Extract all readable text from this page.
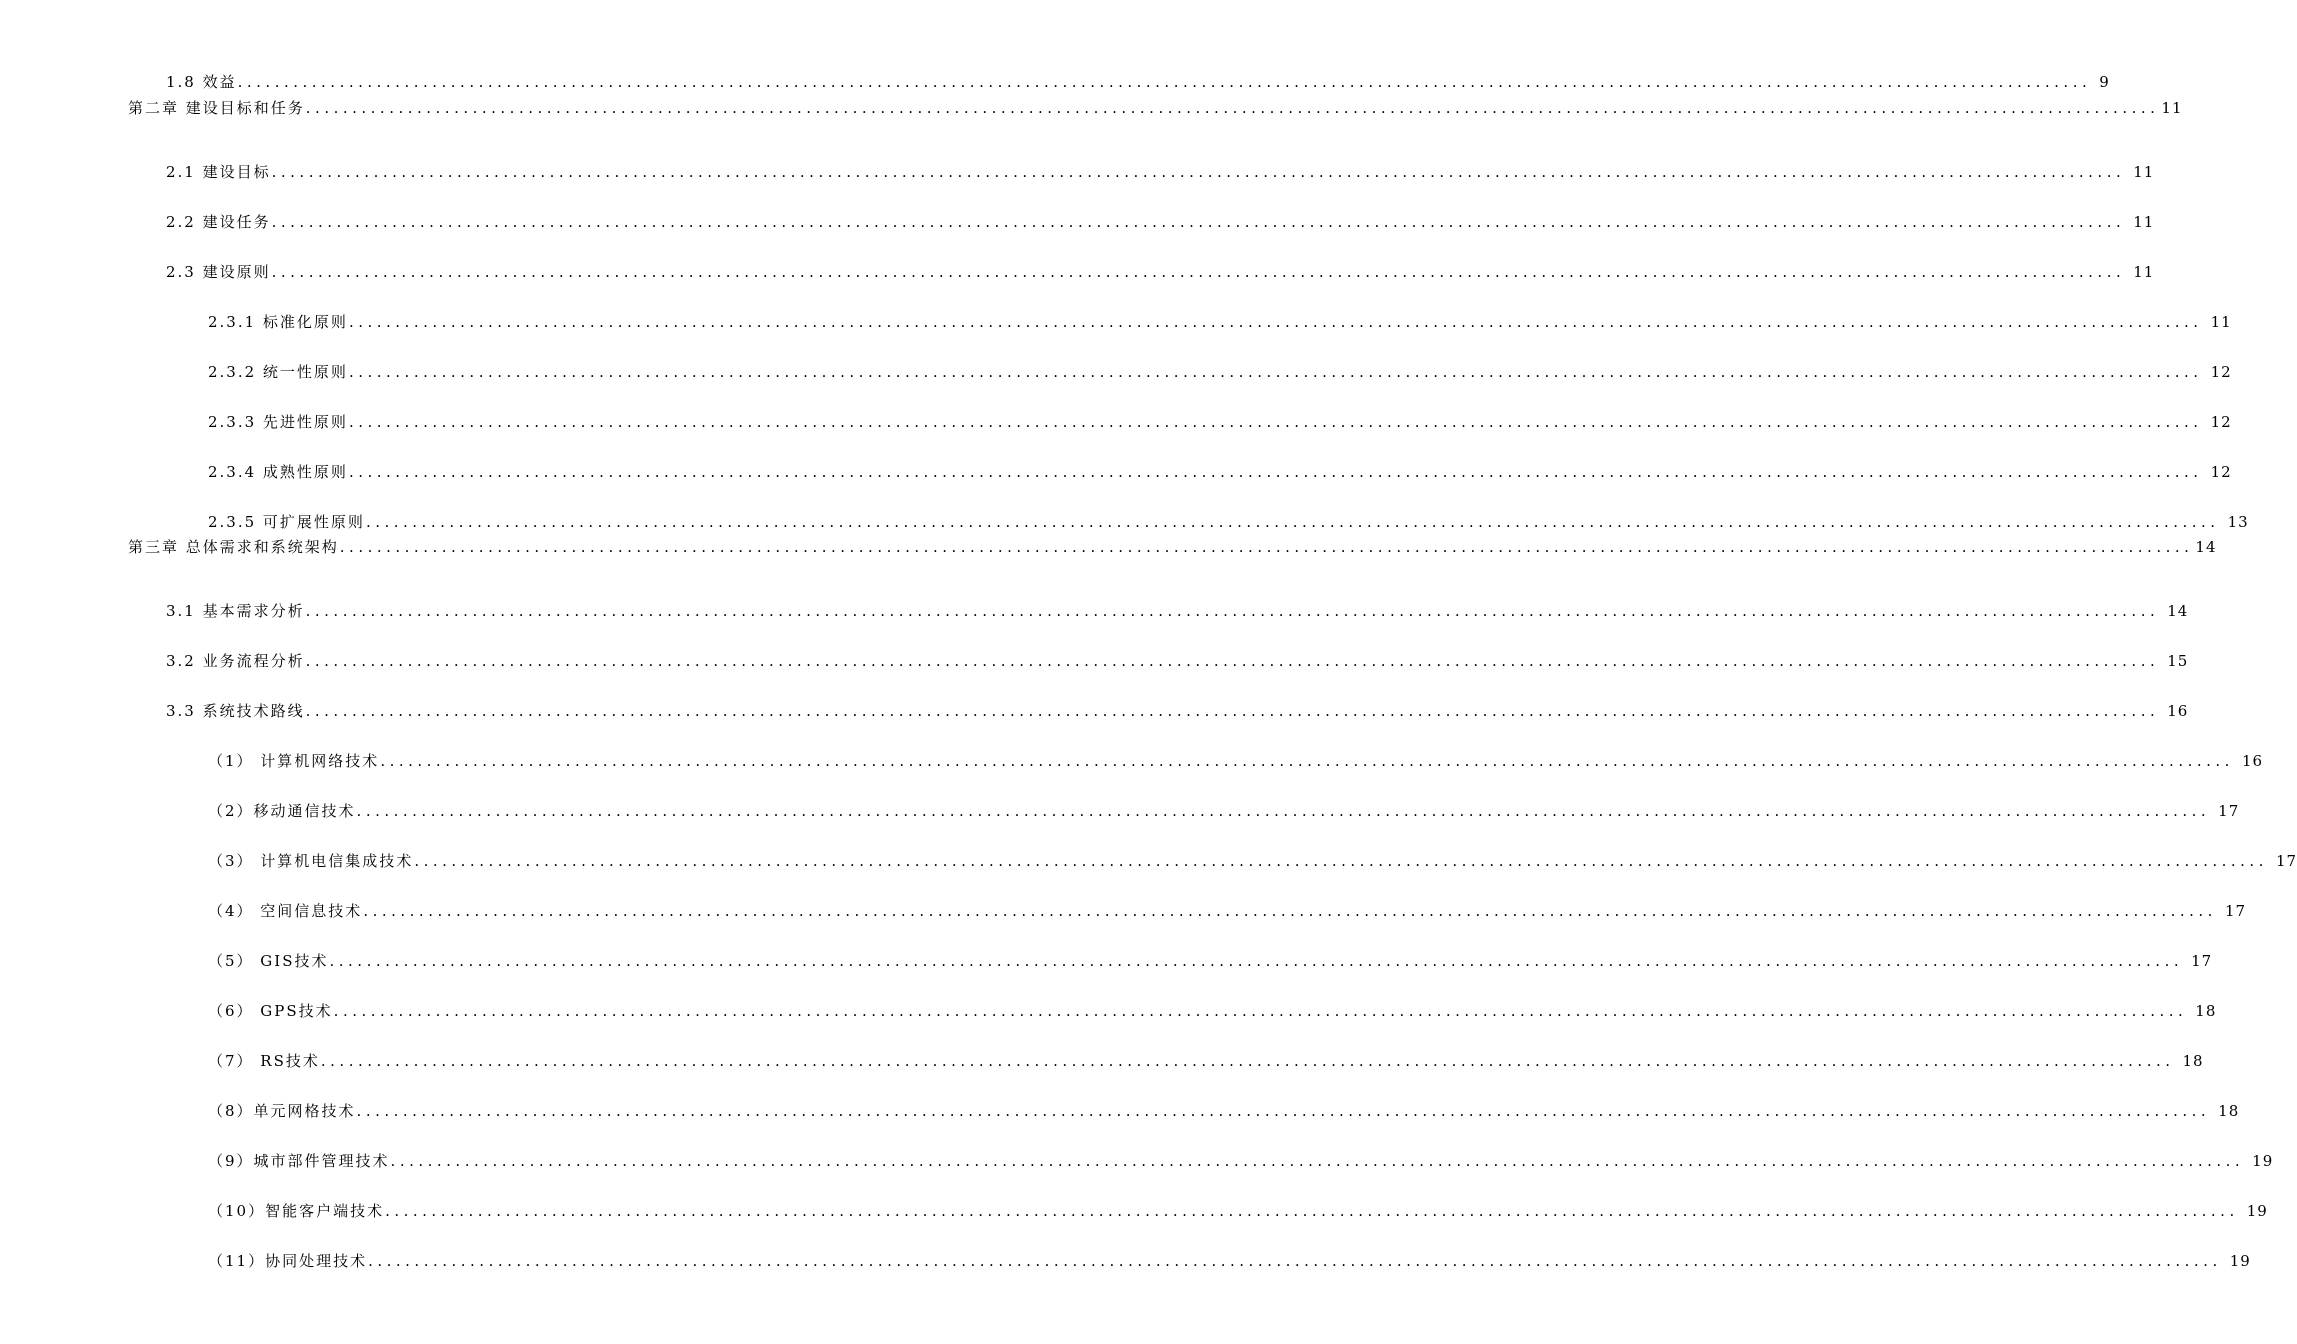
1.8 效益 ........................................................................................................................................................................................................ 9
第二章 建设目标和任务 ........................................................................................................................................................................................................ 11
2.1 建设目标 ........................................................................................................................................................................................................ 11
2.2 建设任务 ........................................................................................................................................................................................................ 11
2.3 建设原则 ........................................................................................................................................................................................................ 11
2.3.1 标准化原则 ........................................................................................................................................................................................................ 11
2.3.2 统一性原则 ........................................................................................................................................................................................................ 12
2.3.3 先进性原则 ........................................................................................................................................................................................................ 12
2.3.4 成熟性原则 ........................................................................................................................................................................................................ 12
2.3.5 可扩展性原则 ........................................................................................................................................................................................................ 13
第三章 总体需求和系统架构 ........................................................................................................................................................................................................ 14
3.1 基本需求分析 ........................................................................................................................................................................................................ 14
3.2 业务流程分析 ........................................................................................................................................................................................................ 15
3.3 系统技术路线 ........................................................................................................................................................................................................ 16
（1） 计算机网络技术 ........................................................................................................................................................................................................ 16
（2）移动通信技术 ........................................................................................................................................................................................................ 17
（3） 计算机电信集成技术 ........................................................................................................................................................................................................ 17
（4） 空间信息技术 ........................................................................................................................................................................................................ 17
（5） GIS技术 ........................................................................................................................................................................................................ 17
（6） GPS技术 ........................................................................................................................................................................................................ 18
（7） RS技术 ........................................................................................................................................................................................................ 18
（8）单元网格技术 ........................................................................................................................................................................................................ 18
（9）城市部件管理技术 ........................................................................................................................................................................................................ 19
（10）智能客户端技术 ........................................................................................................................................................................................................ 19
（11）协同处理技术 ........................................................................................................................................................................................................ 19
